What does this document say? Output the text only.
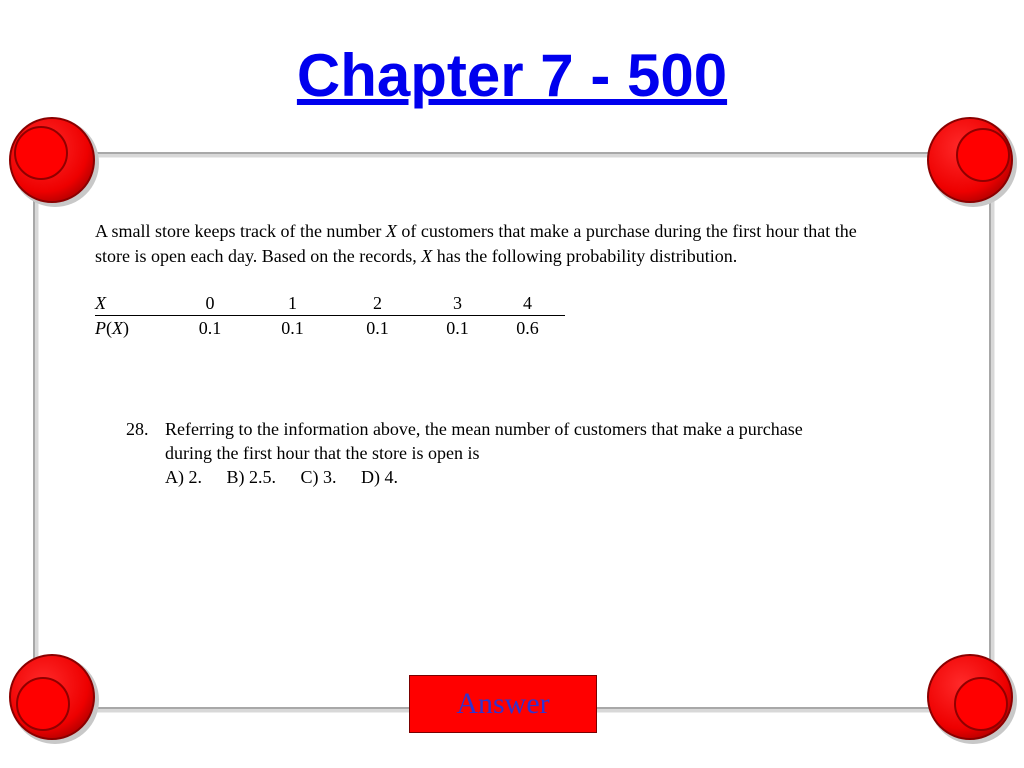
Chapter 7 - 500

A small store keeps track of the number X of customers that make a purchase during the first hour that the store is open each day. Based on the records, X has the following probability distribution.

X	0	1	2	3	4
P(X)	0.1	0.1	0.1	0.1	0.6
28. Referring to the information above, the mean number of customers that make a purchase
during the first hour that the store is open is
A) 2. B) 2.5. C) 3. D) 4.
Answer
